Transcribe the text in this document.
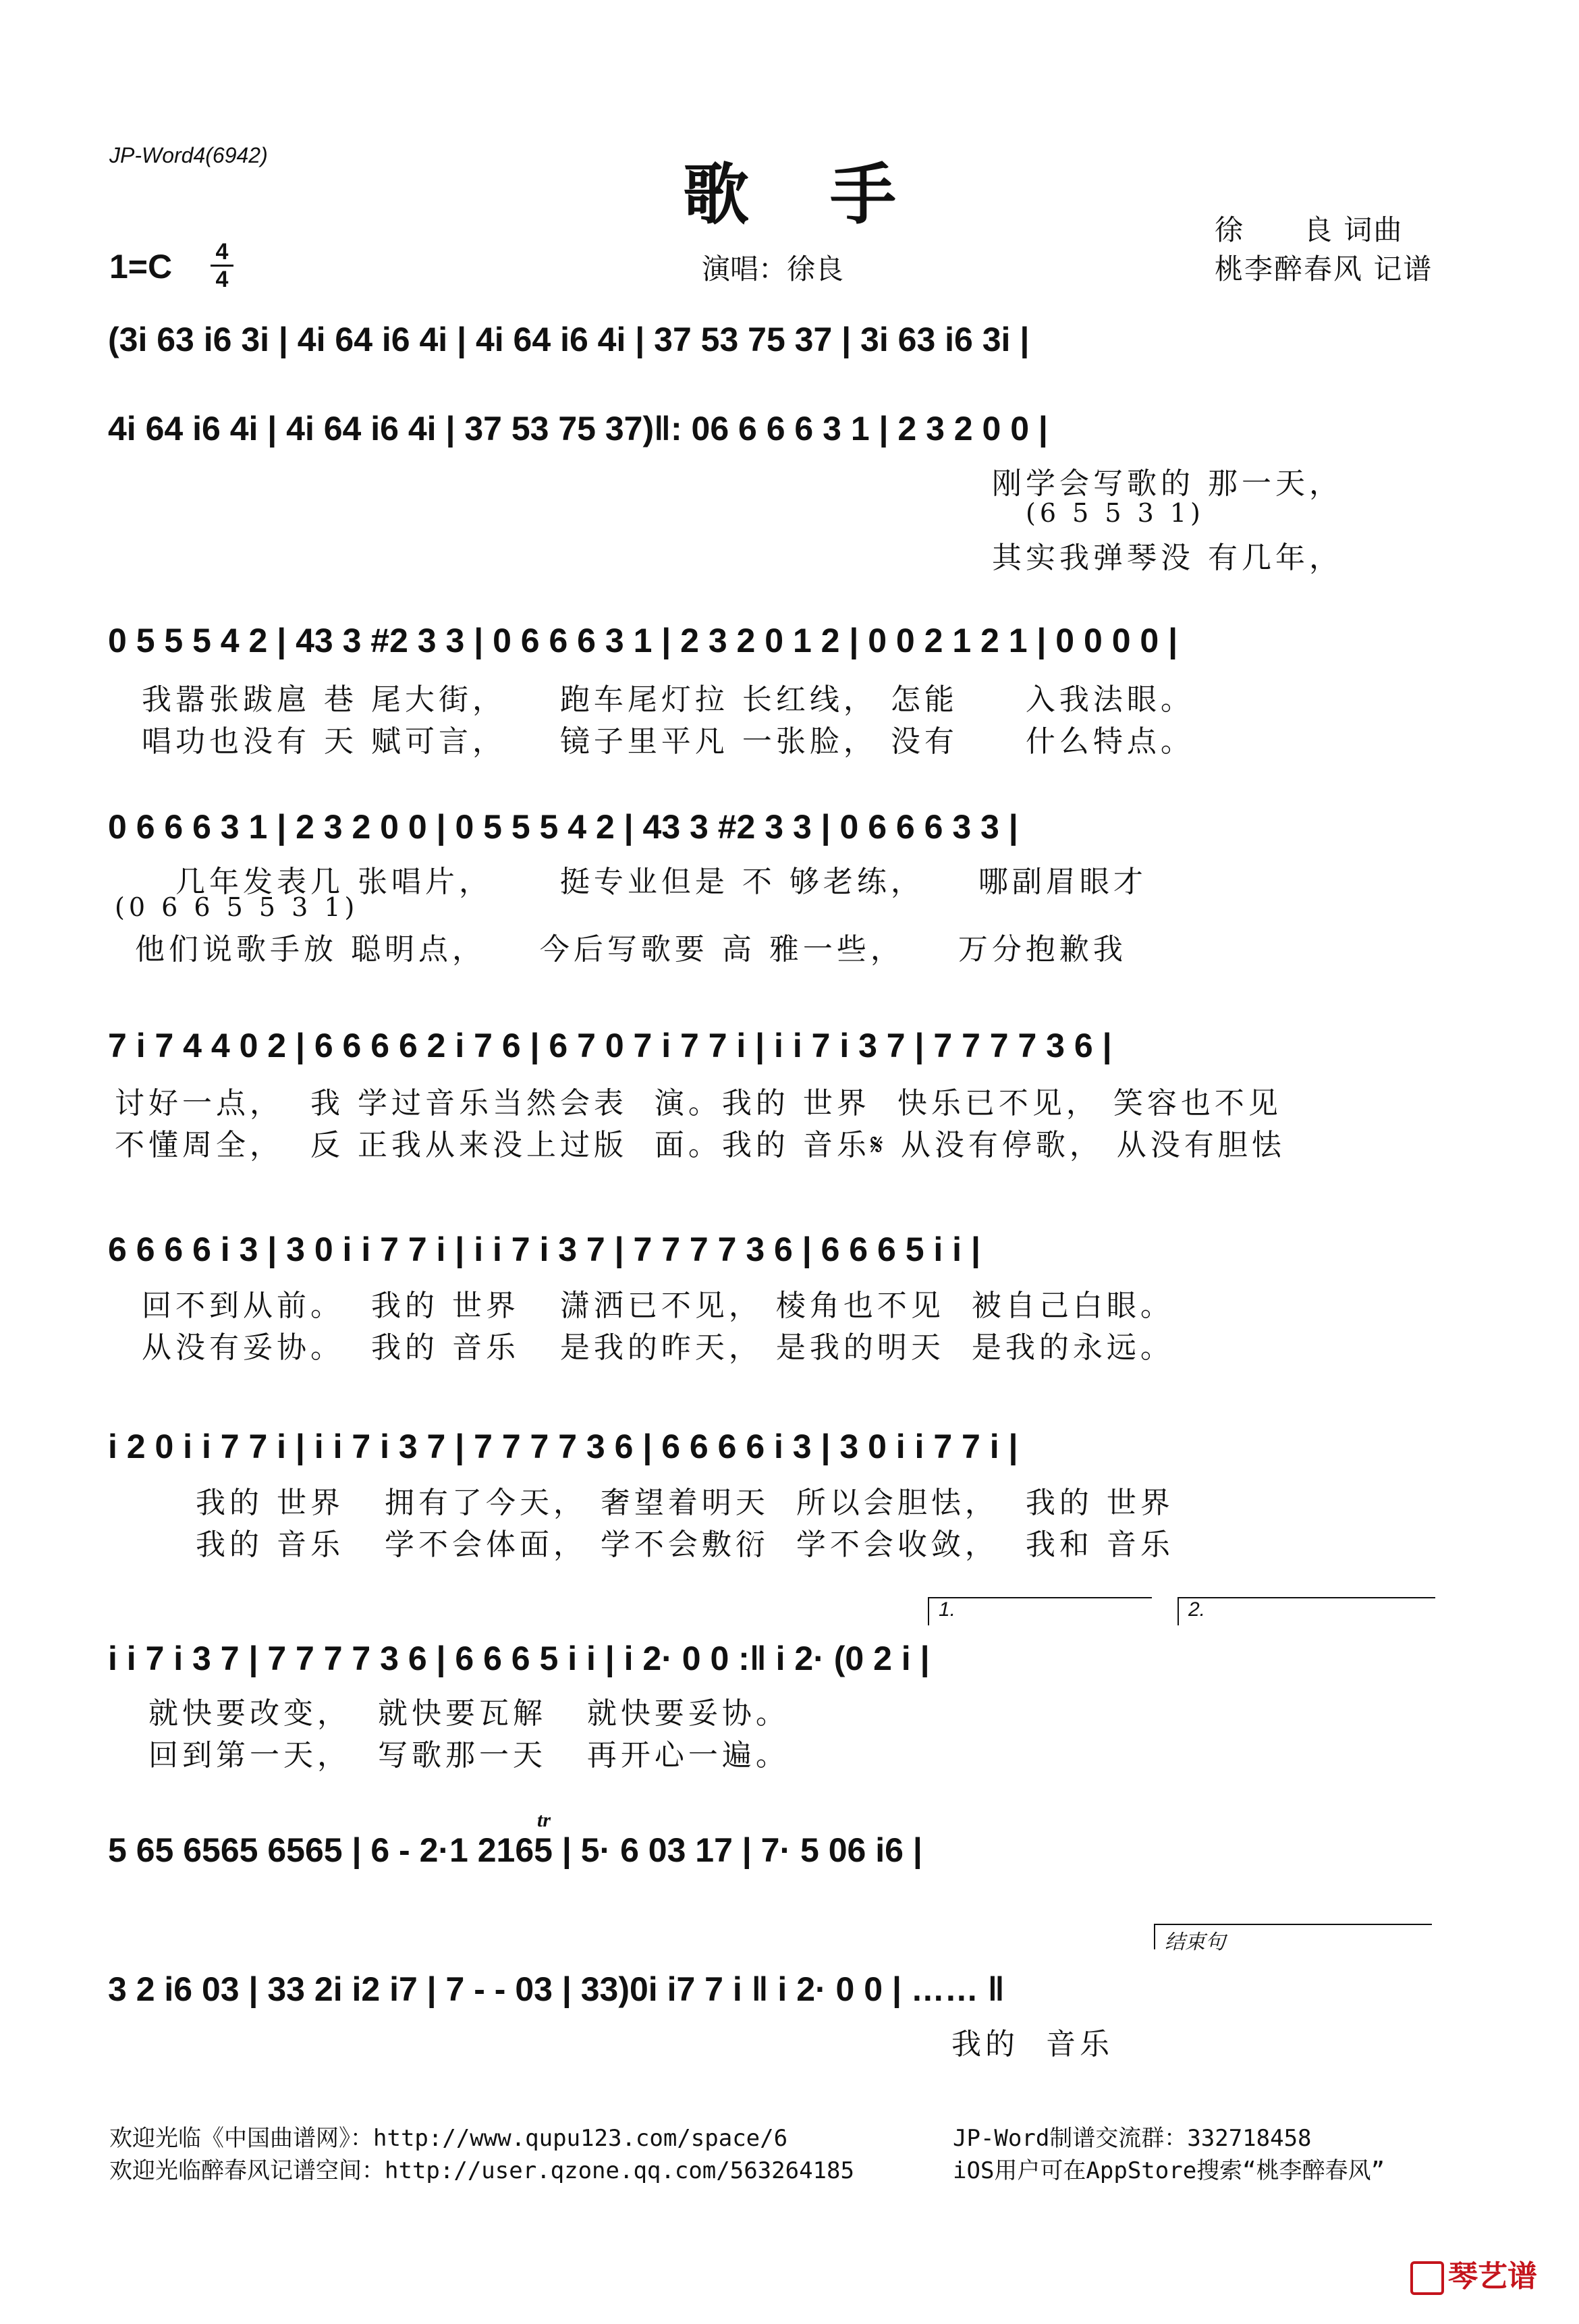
JP-Word4(6942)
歌手	徐　　良 词曲
1=C 4
4	演唱：徐良	桃李醉春风 记谱
(3i 63 i6 3i | 4i 64 i6 4i | 4i 64 i6 4i | 37 53 75 37 | 3i 63 i6 3i |
4i 64 i6 4i | 4i 64 i6 4i | 37 53 75 37)‖: 06 6 6 6 3 1 | 2 3 2 0 0 |
刚学会写歌的 那一天，
(6 5 5 3 1)
其实我弹琴没 有几年，
0 5 5 5 4 2 | 43 3 #2 3 3 | 0 6 6 6 3 1 | 2 3 2 0 1 2 | 0 0 2 1 2 1 | 0 0 0 0 |
我嚣张跋扈 巷 尾大街，    跑车尾灯拉 长红线， 怎能     入我法眼。
唱功也没有 天 赋可言，    镜子里平凡 一张脸， 没有     什么特点。
0 6 6 6 3 1 | 2 3 2 0 0 | 0 5 5 5 4 2 | 43 3 #2 3 3 | 0 6 6 6 3 3 |
几年发表几 张唱片，     挺专业但是 不 够老练，    哪副眉眼才
(0 6 6 5 5 3 1)
他们说歌手放 聪明点，    今后写歌要 高 雅一些，    万分抱歉我
7 i 7 4 4 0 2 | 6 6 6 6 2 i 7 6 | 6 7 0 7 i 7 7 i | i i 7 i 3 7 | 7 7 7 7 3 6 |
讨好一点，  我 学过音乐当然会表  演。我的 世界  快乐已不见， 笑容也不见
不懂周全，  反 正我从来没上过版  面。我的 音乐𝄋 从没有停歌， 从没有胆怯
6 6 6 6 i 3 | 3 0 i i 7 7 i | i i 7 i 3 7 | 7 7 7 7 3 6 | 6 6 6 5 i i |
回不到从前。  我的 世界   潇洒已不见， 棱角也不见  被自己白眼。
从没有妥协。  我的 音乐   是我的昨天， 是我的明天  是我的永远。
i 2 0 i i 7 7 i | i i 7 i 3 7 | 7 7 7 7 3 6 | 6 6 6 6 i 3 | 3 0 i i 7 7 i |
我的 世界   拥有了今天， 奢望着明天  所以会胆怯，  我的 世界
我的 音乐   学不会体面， 学不会敷衍  学不会收敛，  我和 音乐
1.	2.
i i 7 i 3 7 | 7 7 7 7 3 6 | 6 6 6 5 i i | i 2· 0 0 :‖ i 2· (0 2 i |
就快要改变，  就快要瓦解   就快要妥协。
回到第一天，  写歌那一天   再开心一遍。
tr
5 65 6565 6565 | 6 - 2·1 2165 | 5· 6 03 17 | 7· 5 06 i6 |
结束句
3 2 i6 03 | 33 2i i2 i7 | 7 - - 03 | 33)0i i7 7 i ‖ i 2· 0 0 | …… ‖
我的  音乐
欢迎光临《中国曲谱网》：http://www.qupu123.com/space/6
欢迎光临醉春风记谱空间：http://user.qzone.qq.com/563264185
JP-Word制谱交流群：332718458
iOS用户可在AppStore搜索“桃李醉春风”
琴艺谱
